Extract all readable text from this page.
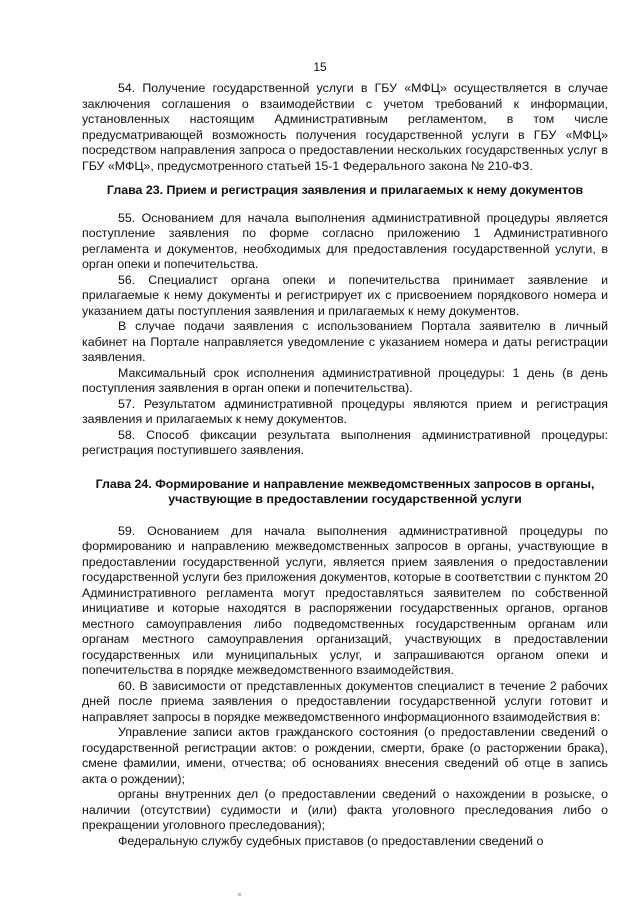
15

54. Получение государственной услуги в ГБУ «МФЦ» осуществляется в случае заключения соглашения о взаимодействии с учетом требований к информации, установленных настоящим Административным регламентом, в том числе предусматривающей возможность получения государственной услуги в ГБУ «МФЦ» посредством направления запроса о предоставлении нескольких государственных услуг в ГБУ «МФЦ», предусмотренного статьей 15-1 Федерального закона № 210-ФЗ.

Глава 23. Прием и регистрация заявления и прилагаемых к нему документов

55. Основанием для начала выполнения административной процедуры является поступление заявления по форме согласно приложению 1 Административного регламента и документов, необходимых для предоставления государственной услуги, в орган опеки и попечительства.

56. Специалист органа опеки и попечительства принимает заявление и прилагаемые к нему документы и регистрирует их с присвоением порядкового номера и указанием даты поступления заявления и прилагаемых к нему документов.

В случае подачи заявления с использованием Портала заявителю в личный кабинет на Портале направляется уведомление с указанием номера и даты регистрации заявления.

Максимальный срок исполнения административной процедуры: 1 день (в день поступления заявления в орган опеки и попечительства).

57. Результатом административной процедуры являются прием и регистрация заявления и прилагаемых к нему документов.

58. Способ фиксации результата выполнения административной процедуры: регистрация поступившего заявления.

Глава 24. Формирование и направление межведомственных запросов в органы,
участвующие в предоставлении государственной услуги

59. Основанием для начала выполнения административной процедуры по формированию и направлению межведомственных запросов в органы, участвующие в предоставлении государственной услуги, является прием заявления о предоставлении государственной услуги без приложения документов, которые в соответствии с пунктом 20 Административного регламента могут предоставляться заявителем по собственной инициативе и которые находятся в распоряжении государственных органов, органов местного самоуправления либо подведомственных государственным органам или органам местного самоуправления организаций, участвующих в предоставлении государственных или муниципальных услуг, и запрашиваются органом опеки и попечительства в порядке межведомственного взаимодействия.

60. В зависимости от представленных документов специалист в течение 2 рабочих дней после приема заявления о предоставлении государственной услуги готовит и направляет запросы в порядке межведомственного информационного взаимодействия в:

Управление записи актов гражданского состояния (о предоставлении сведений о государственной регистрации актов: о рождении, смерти, браке (о расторжении брака), смене фамилии, имени, отчества; об основаниях внесения сведений об отце в запись акта о рождении);

органы внутренних дел (о предоставлении сведений о нахождении в розыске, о наличии (отсутствии) судимости и (или) факта уголовного преследования либо о прекращении уголовного преследования);

Федеральную службу судебных приставов (о предоставлении сведений о
